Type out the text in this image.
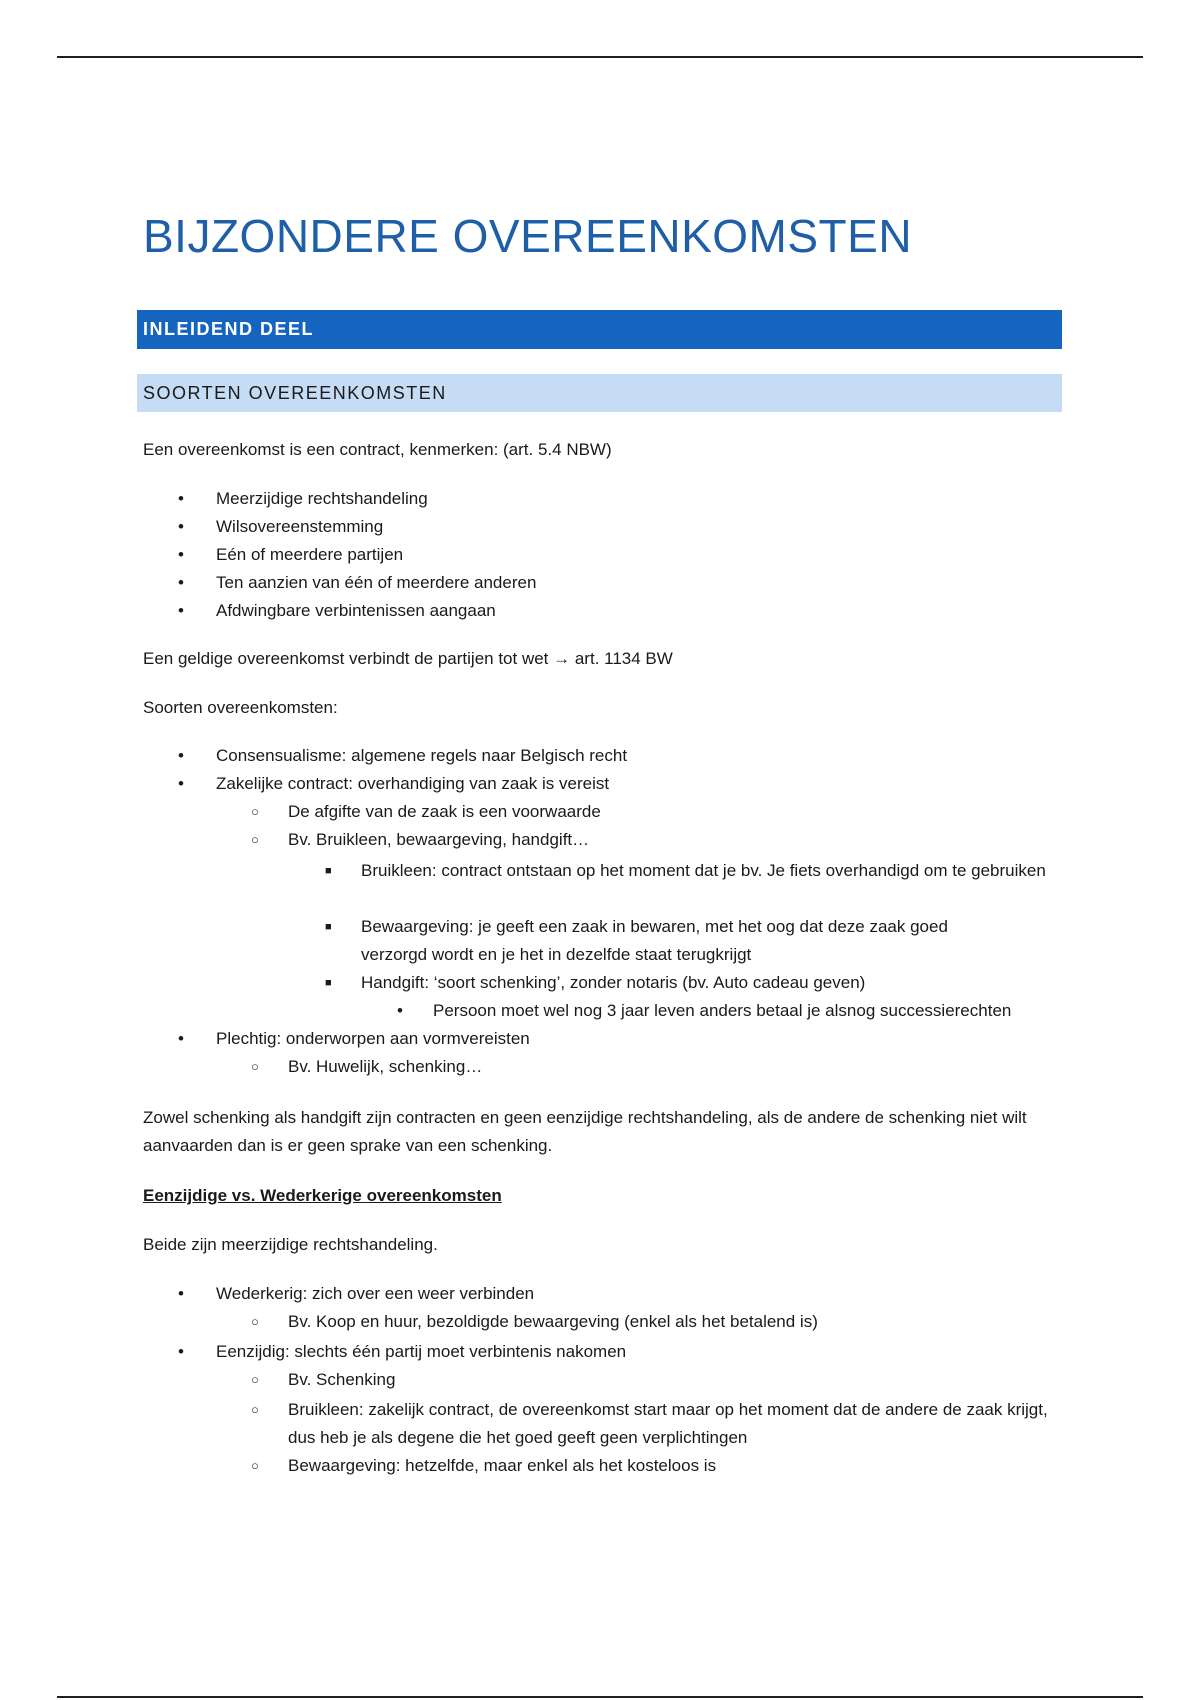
BIJZONDERE OVEREENKOMSTEN
INLEIDEND DEEL
SOORTEN OVEREENKOMSTEN

Een overeenkomst is een contract, kenmerken: (art. 5.4 NBW)

• Meerzijdige rechtshandeling

• Wilsovereenstemming

• Eén of meerdere partijen

• Ten aanzien van één of meerdere anderen

• Afdwingbare verbintenissen aangaan

Een geldige overeenkomst verbindt de partijen tot wet → art. 1134 BW

Soorten overeenkomsten:

• Consensualisme: algemene regels naar Belgisch recht

• Zakelijke contract: overhandiging van zaak is vereist

○ De afgifte van de zaak is een voorwaarde

○ Bv. Bruikleen, bewaargeving, handgift…

■ Bruikleen: contract ontstaan op het moment dat je bv. Je fiets overhandigd om te gebruiken

■ Bewaargeving: je geeft een zaak in bewaren, met het oog dat deze zaak goed verzorgd wordt en je het in dezelfde staat terugkrijgt

■ Handgift: ‘soort schenking’, zonder notaris (bv. Auto cadeau geven)

• Persoon moet wel nog 3 jaar leven anders betaal je alsnog successierechten

• Plechtig: onderworpen aan vormvereisten

○ Bv. Huwelijk, schenking…

Zowel schenking als handgift zijn contracten en geen eenzijdige rechtshandeling, als de andere de schenking niet wilt aanvaarden dan is er geen sprake van een schenking.

Eenzijdige vs. Wederkerige overeenkomsten

Beide zijn meerzijdige rechtshandeling.

• Wederkerig: zich over een weer verbinden

○ Bv. Koop en huur, bezoldigde bewaargeving (enkel als het betalend is)

• Eenzijdig: slechts één partij moet verbintenis nakomen

○ Bv. Schenking

○ Bruikleen: zakelijk contract, de overeenkomst start maar op het moment dat de andere de zaak krijgt, dus heb je als degene die het goed geeft geen verplichtingen

○ Bewaargeving: hetzelfde, maar enkel als het kosteloos is
